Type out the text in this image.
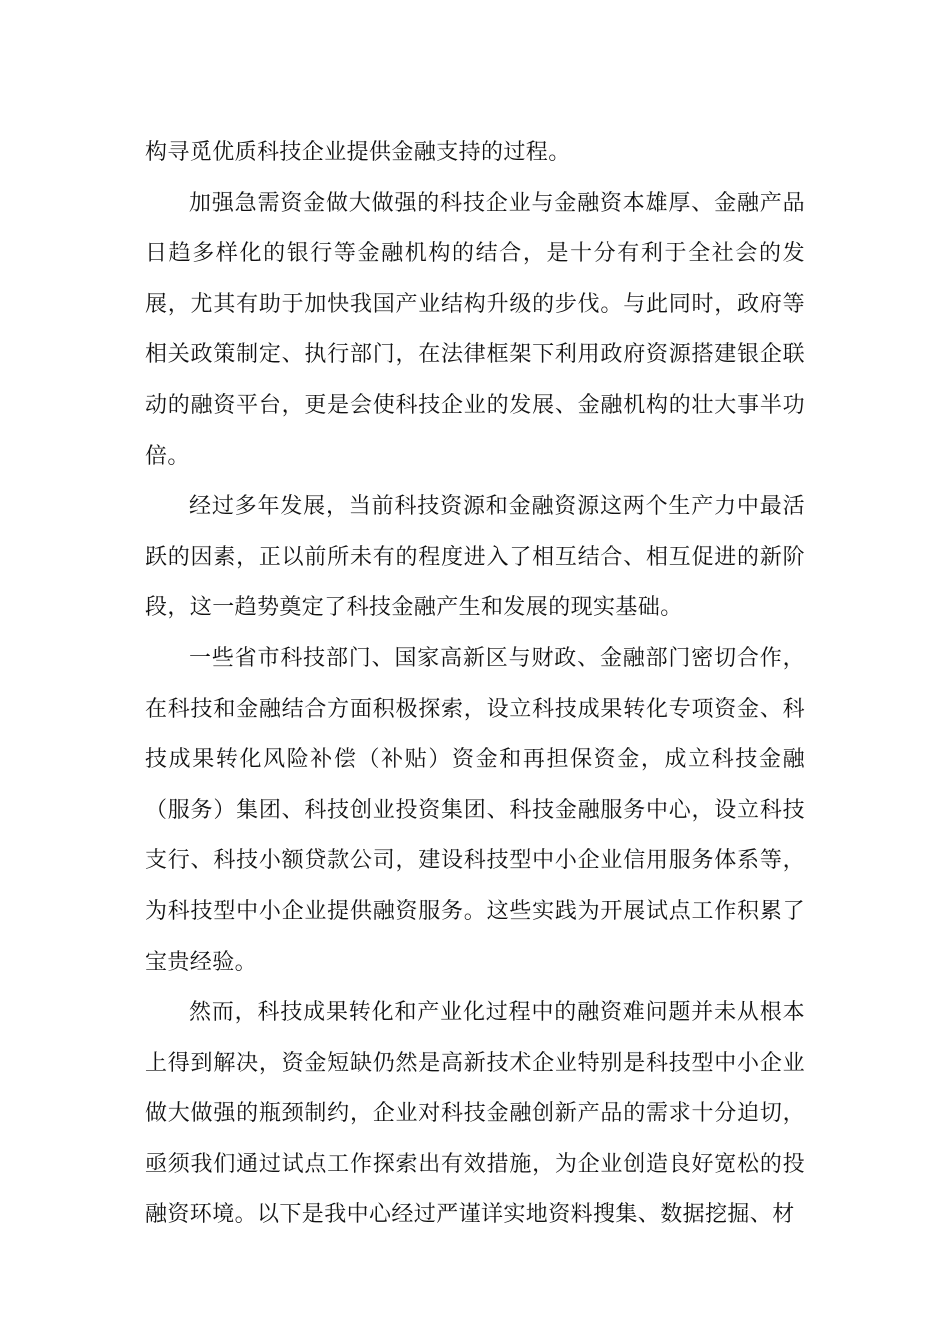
构寻觅优质科技企业提供金融支持的过程。

加强急需资金做大做强的科技企业与金融资本雄厚、金融产品日趋多样化的银行等金融机构的结合，是十分有利于全社会的发展，尤其有助于加快我国产业结构升级的步伐。与此同时，政府等相关政策制定、执行部门，在法律框架下利用政府资源搭建银企联动的融资平台，更是会使科技企业的发展、金融机构的壮大事半功倍。

经过多年发展，当前科技资源和金融资源这两个生产力中最活跃的因素，正以前所未有的程度进入了相互结合、相互促进的新阶段，这一趋势奠定了科技金融产生和发展的现实基础。

一些省市科技部门、国家高新区与财政、金融部门密切合作，在科技和金融结合方面积极探索，设立科技成果转化专项资金、科技成果转化风险补偿（补贴）资金和再担保资金，成立科技金融（服务）集团、科技创业投资集团、科技金融服务中心，设立科技支行、科技小额贷款公司，建设科技型中小企业信用服务体系等，为科技型中小企业提供融资服务。这些实践为开展试点工作积累了宝贵经验。

然而，科技成果转化和产业化过程中的融资难问题并未从根本上得到解决，资金短缺仍然是高新技术企业特别是科技型中小企业做大做强的瓶颈制约，企业对科技金融创新产品的需求十分迫切，亟须我们通过试点工作探索出有效措施，为企业创造良好宽松的投融资环境。以下是我中心经过严谨详实地资料搜集、数据挖掘、材
